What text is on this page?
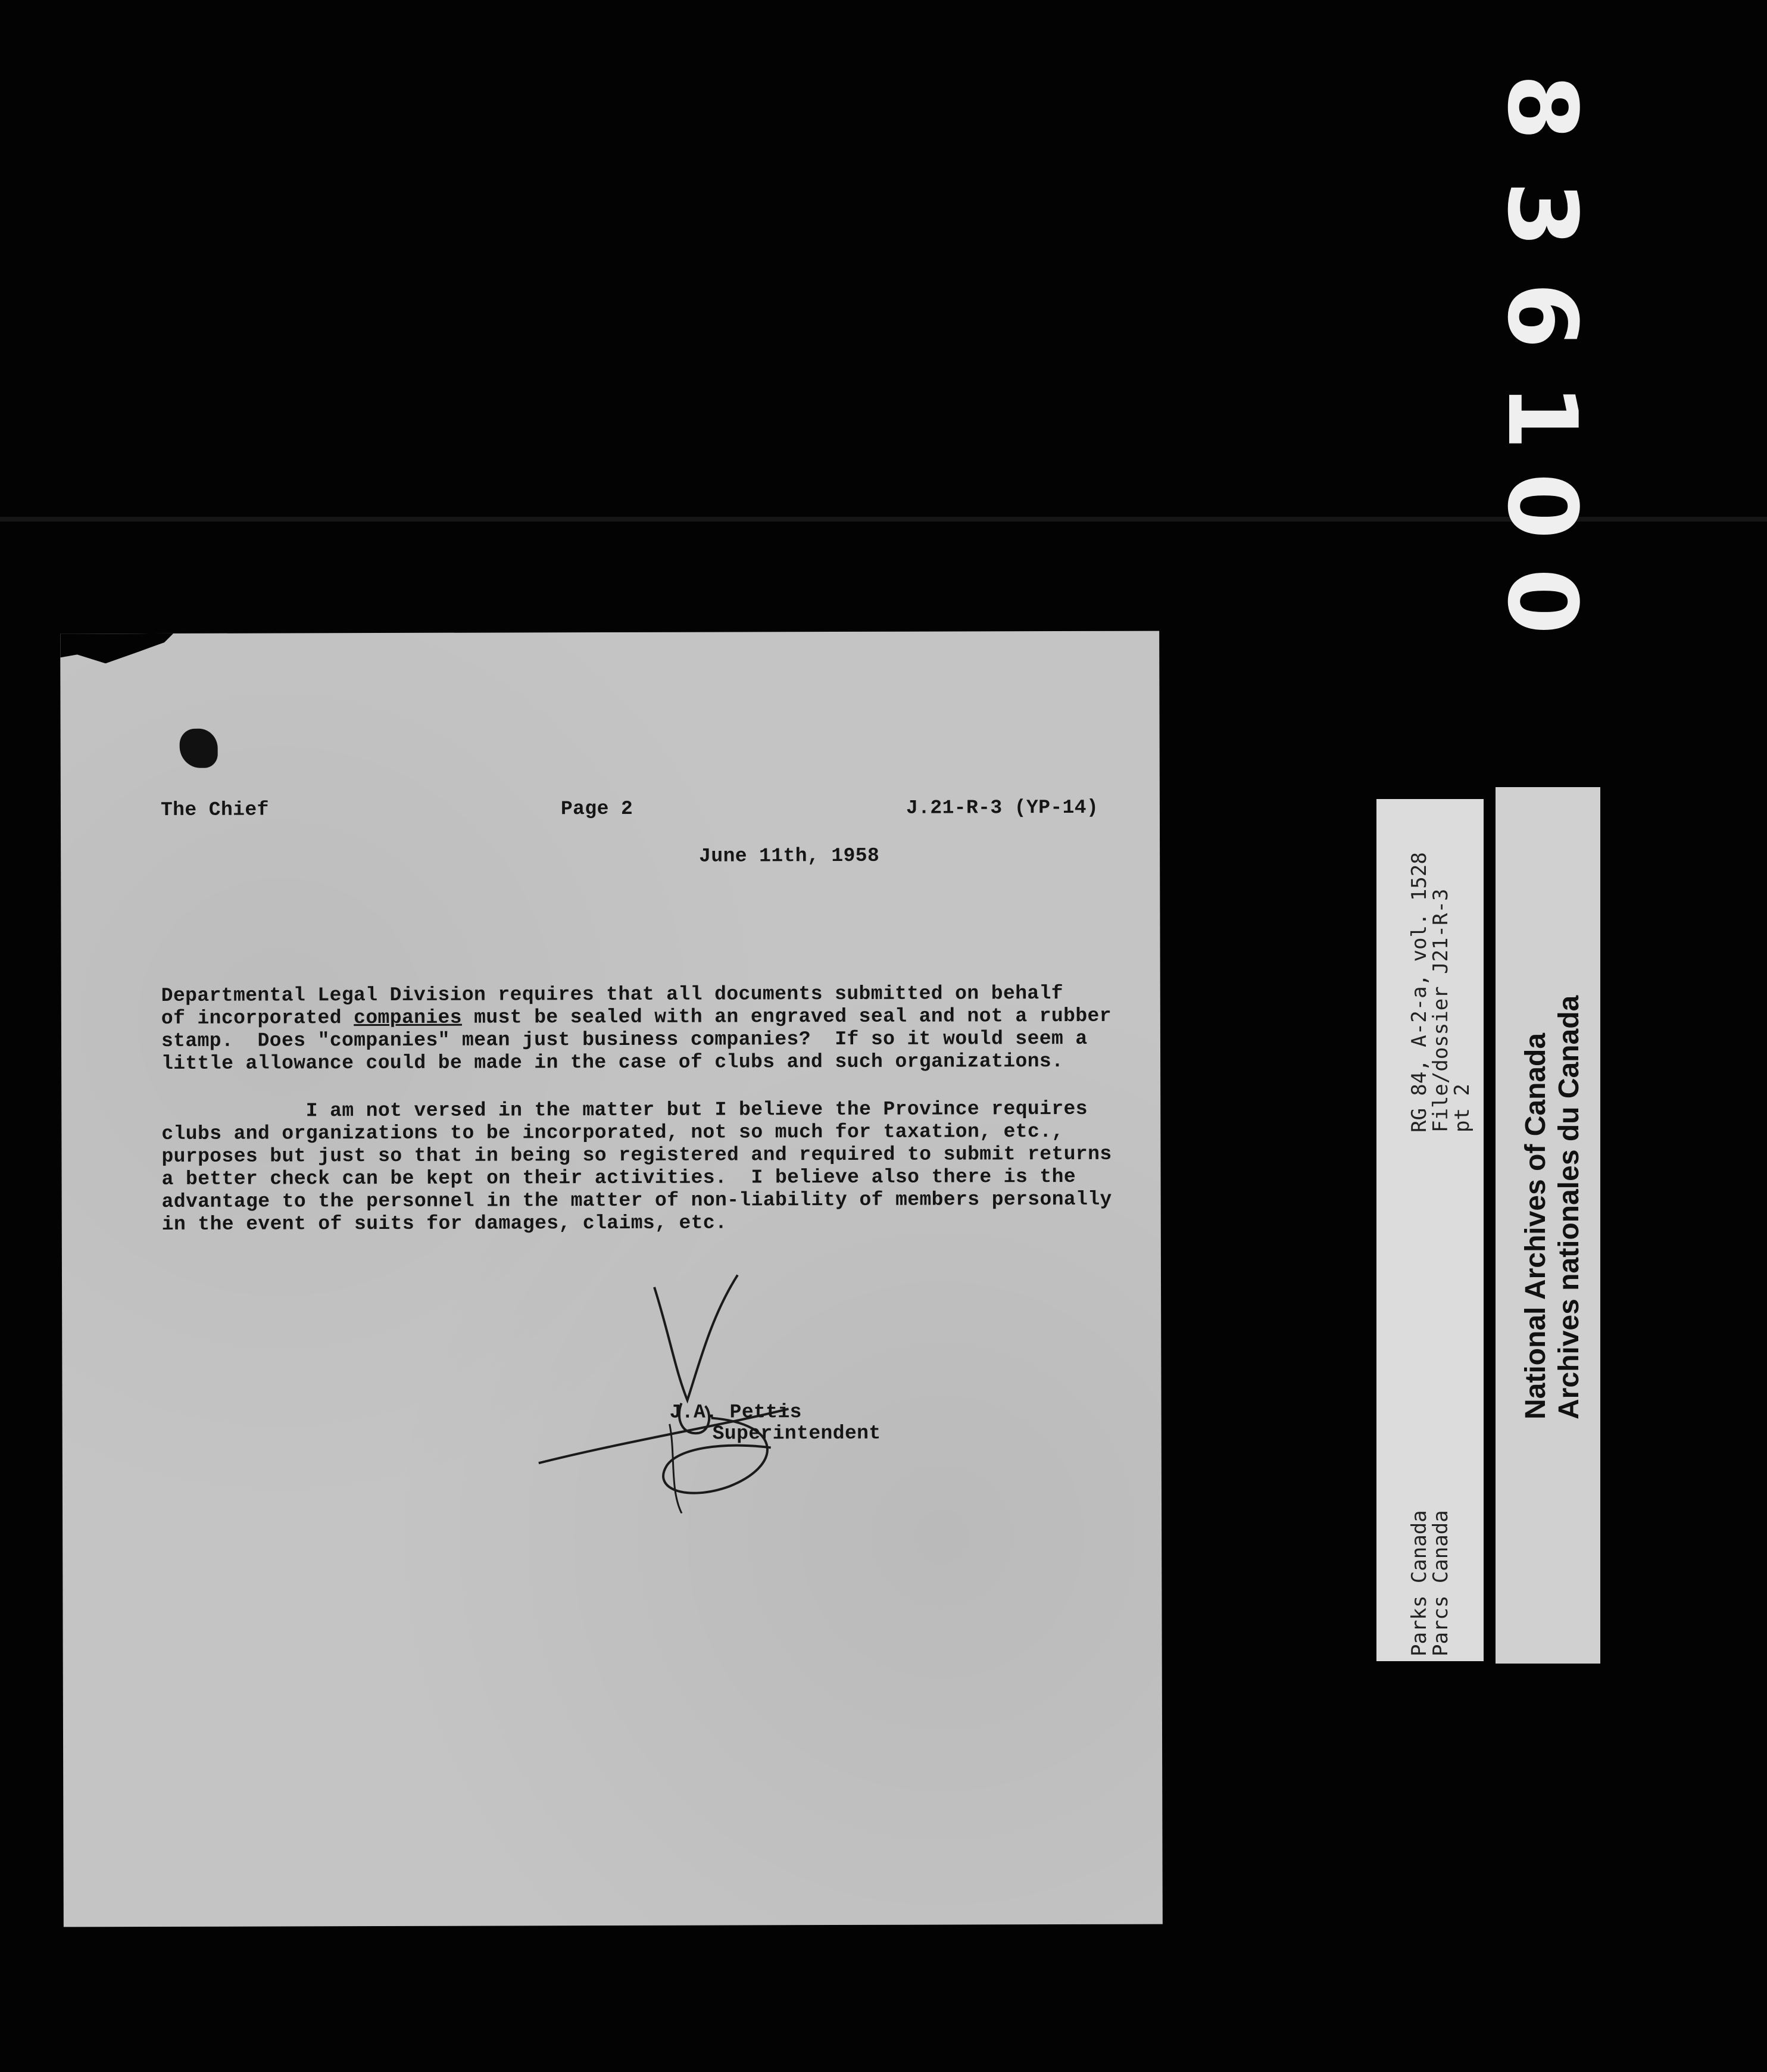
0
0
1
6
3
8

The Chief	Page 2	J.21-R-3 (YP-14)

June 11th, 1958

Departmental Legal Division requires that all documents submitted on behalf

of incorporated companies must be sealed with an engraved seal and not a rubber

stamp.  Does "companies" mean just business companies?  If so it would seem a

little allowance could be made in the case of clubs and such organizations.

I am not versed in the matter but I believe the Province requires

clubs and organizations to be incorporated, not so much for taxation, etc.,

purposes but just so that in being so registered and required to submit returns

a better check can be kept on their activities.  I believe also there is the

advantage to the personnel in the matter of non-liability of members personally

in the event of suits for damages, claims, etc.

J.A. Pettis

Superintendent

RG 84, A-2-a, vol. 1528
File/dossier J21-R-3
pt 2
Parks Canada
Parcs Canada
National Archives of Canada Archives nationales du Canada
